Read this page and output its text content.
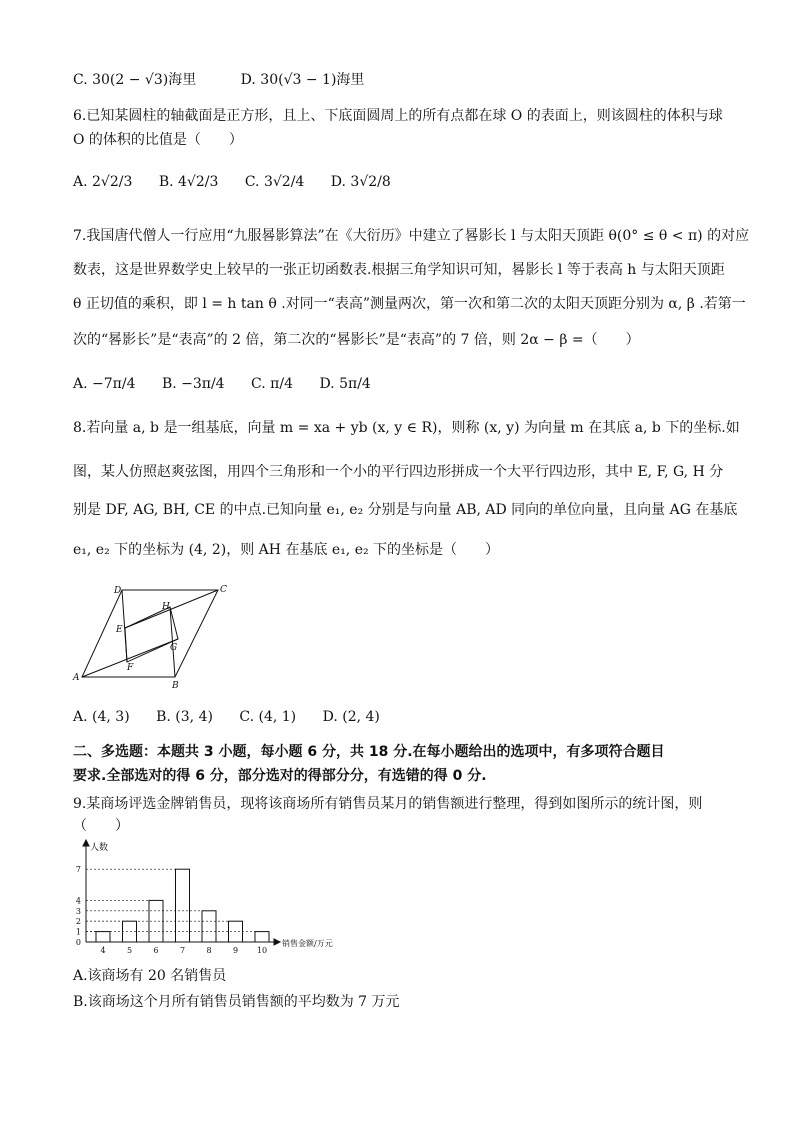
C. 30(2 − √3)海里	D. 30(√3 − 1)海里
6.已知某圆柱的轴截面是正方形，且上、下底面圆周上的所有点都在球 O 的表面上，则该圆柱的体积与球
O 的体积的比值是（　　）
A. 2√2/3 B. 4√2/3 C. 3√2/4 D. 3√2/8
7.我国唐代僧人一行应用“九服晷影算法”在《大衍历》中建立了晷影长 l 与太阳天顶距 θ(0° ≤ θ < π) 的对应
数表，这是世界数学史上较早的一张正切函数表.根据三角学知识可知，晷影长 l 等于表高 h 与太阳天顶距
θ 正切值的乘积，即 l = h tan θ .对同一“表高”测量两次，第一次和第二次的太阳天顶距分别为 α, β .若第一
次的“晷影长”是“表高”的 2 倍，第二次的“晷影长”是“表高”的 7 倍，则 2α − β =（　　）
A. −7π/4 B. −3π/4 C. π/4 D. 5π/4
8.若向量 a, b 是一组基底，向量 m = xa + yb (x, y ∈ R)，则称 (x, y) 为向量 m 在其底 a, b 下的坐标.如
图，某人仿照赵爽弦图，用四个三角形和一个小的平行四边形拼成一个大平行四边形，其中 E, F, G, H 分
别是 DF, AG, BH, CE 的中点.已知向量 e₁, e₂ 分别是与向量 AB, AD 同向的单位向量，且向量 AG 在基底
e₁, e₂ 下的坐标为 (4, 2)，则 AH 在基底 e₁, e₂ 下的坐标是（　　）
D	C
H
E
G
F
A
B
A. (4, 3) B. (3, 4) C. (4, 1) D. (2, 4)
二、多选题：本题共 3 小题，每小题 6 分，共 18 分.在每小题给出的选项中，有多项符合题目
要求.全部选对的得 6 分，部分选对的得部分分，有选错的得 0 分.
9.某商场评选金牌销售员，现将该商场所有销售员某月的销售额进行整理，得到如图所示的统计图，则
（　　）
人数
销售金额/万元
4	5	6	7	8	9 10
0
1
2
3
4
7
A.该商场有 20 名销售员
B.该商场这个月所有销售员销售额的平均数为 7 万元
